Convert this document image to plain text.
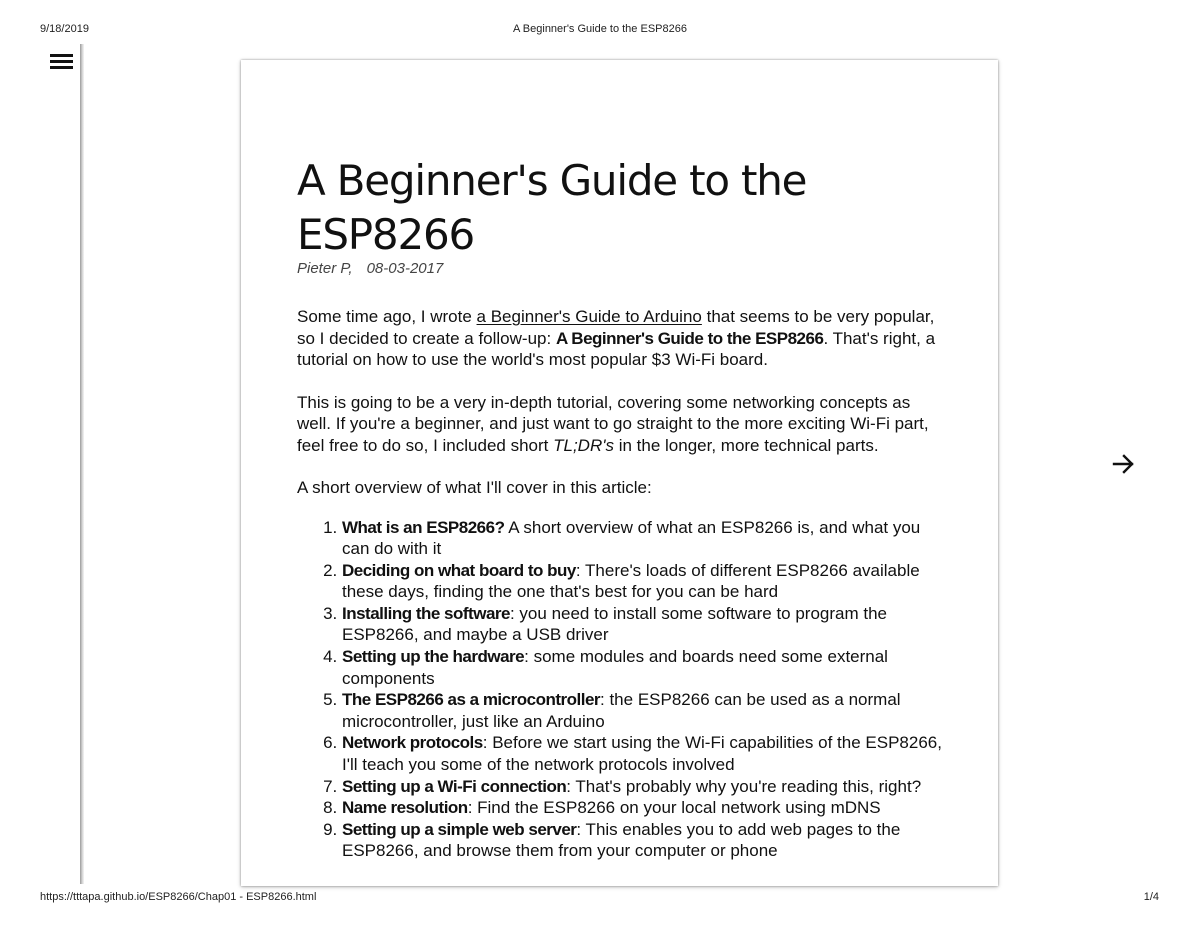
9/18/2019	A Beginner's Guide to the ESP8266
A Beginner's Guide to the
ESP8266
Pieter P, 08-03-2017

Some time ago, I wrote a Beginner's Guide to Arduino that seems to be very popular, so I decided to create a follow-up: A Beginner's Guide to the ESP8266. That's right, a tutorial on how to use the world's most popular $3 Wi-Fi board.

This is going to be a very in-depth tutorial, covering some networking concepts as well. If you're a beginner, and just want to go straight to the more exciting Wi-Fi part, feel free to do so, I included short TL;DR's in the longer, more technical parts.

A short overview of what I'll cover in this article:

1. What is an ESP8266? A short overview of what an ESP8266 is, and what you can do with it
2. Deciding on what board to buy: There's loads of different ESP8266 available these days, finding the one that's best for you can be hard
3. Installing the software: you need to install some software to program the ESP8266, and maybe a USB driver
4. Setting up the hardware: some modules and boards need some external components
5. The ESP8266 as a microcontroller: the ESP8266 can be used as a normal microcontroller, just like an Arduino
6. Network protocols: Before we start using the Wi-Fi capabilities of the ESP8266, I'll teach you some of the network protocols involved
7. Setting up a Wi-Fi connection: That's probably why you're reading this, right?
8. Name resolution: Find the ESP8266 on your local network using mDNS
9. Setting up a simple web server: This enables you to add web pages to the ESP8266, and browse them from your computer or phone
https://tttapa.github.io/ESP8266/Chap01 - ESP8266.html	1/4
